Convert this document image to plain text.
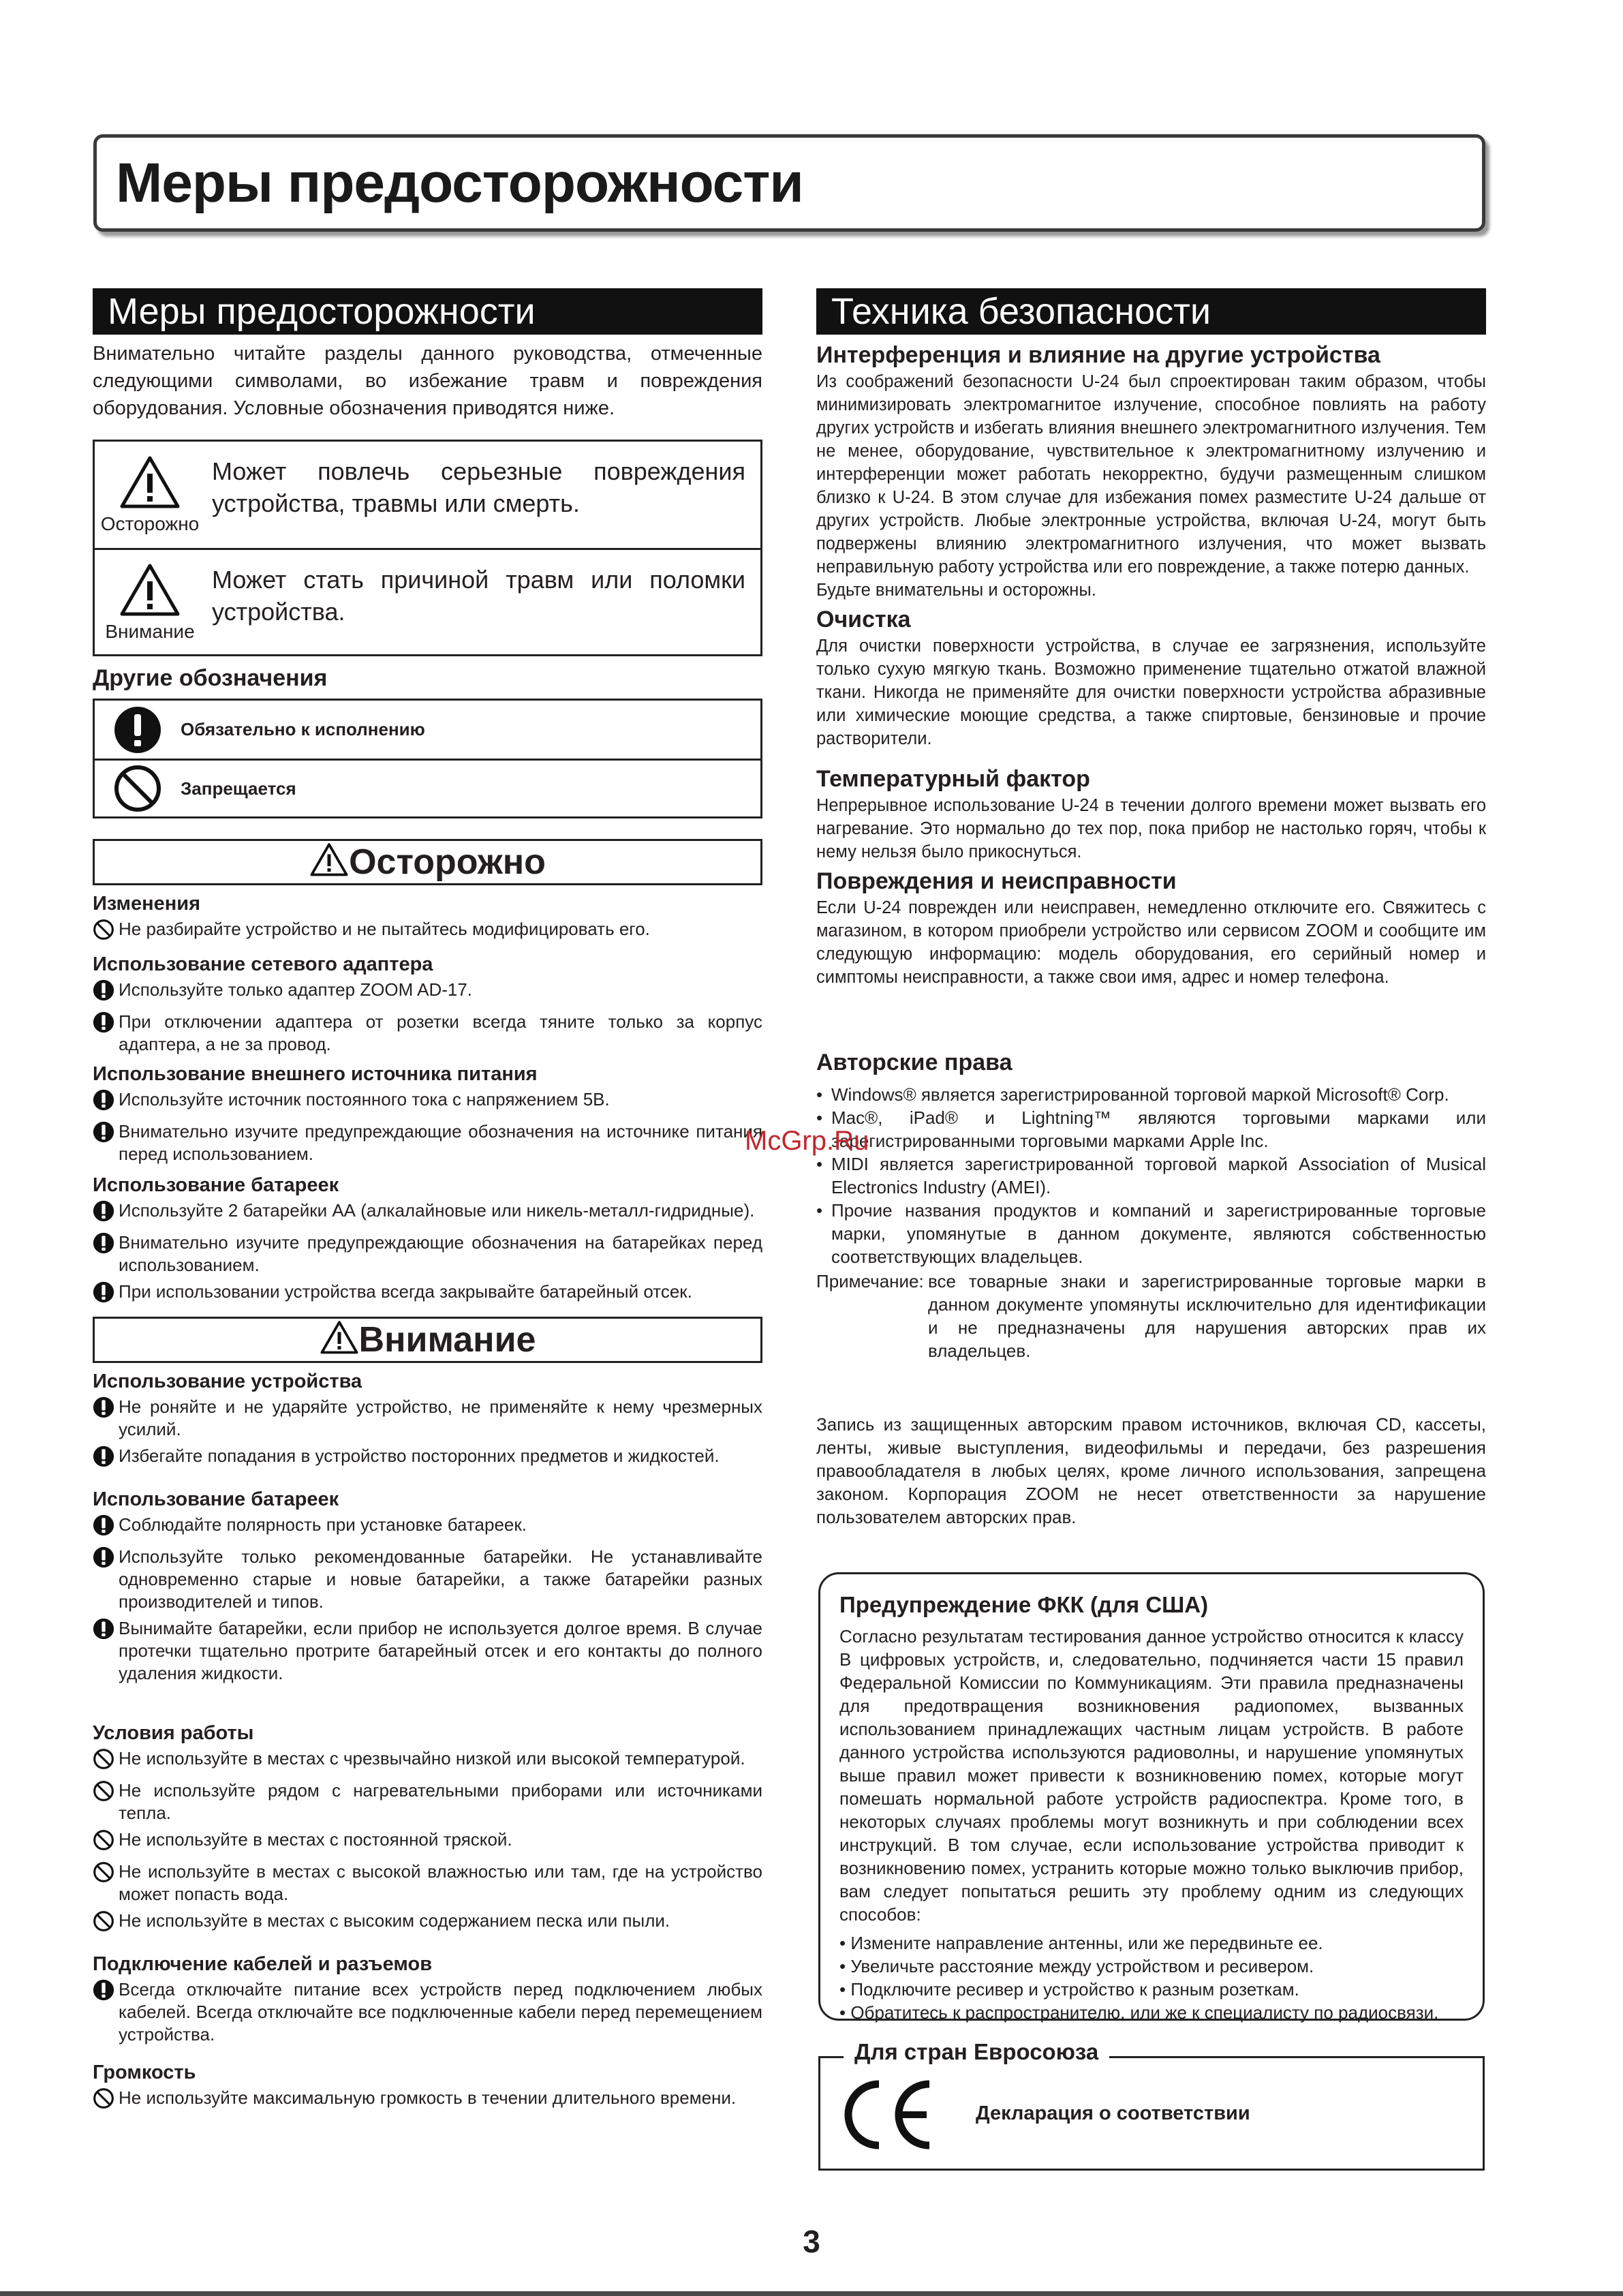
Меры предосторожности
Меры предосторожности

Внимательно читайте разделы данного руководства, отмеченные следующими символами, во избежание травм и повреждения оборудования. Условные обозначения приводятся ниже.

Осторожно
Может повлечь серьезные повреждения устройства, травмы или смерть.
Внимание
Может стать причиной травм или поломки устройства.
Другие обозначения
Обязательно к исполнению
Запрещается
Осторожно
Изменения
Не разбирайте устройство и не пытайтесь модифицировать его.
Использование сетевого адаптера
Используйте только адаптер ZOOM AD-17.
При отключении адаптера от розетки всегда тяните только за корпус адаптера, а не за провод.
Использование внешнего источника питания
Используйте источник постоянного тока с напряжением 5В.
Внимательно изучите предупреждающие обозначения на источнике питания перед использованием.
Использование батареек
Используйте 2 батарейки АА (алкалайновые или никель-металл-гидридные).
Внимательно изучите предупреждающие обозначения на батарейках перед использованием.
При использовании устройства всегда закрывайте батарейный отсек.
Внимание
Использование устройства
Не роняйте и не ударяйте устройство, не применяйте к нему чрезмерных усилий.
Избегайте попадания в устройство посторонних предметов и жидкостей.
Использование батареек
Соблюдайте полярность при установке батареек.
Используйте только рекомендованные батарейки. Не устанавливайте одновременно старые и новые батарейки, а также батарейки разных производителей и типов.
Вынимайте батарейки, если прибор не используется долгое время. В случае протечки тщательно протрите батарейный отсек и его контакты до полного удаления жидкости.
Условия работы
Не используйте в местах с чрезвычайно низкой или высокой температурой.
Не используйте рядом с нагревательными приборами или источниками тепла.
Не используйте в местах с постоянной тряской.
Не используйте в местах с высокой влажностью или там, где на устройство может попасть вода.
Не используйте в местах с высоким содержанием песка или пыли.
Подключение кабелей и разъемов
Всегда отключайте питание всех устройств перед подключением любых кабелей. Всегда отключайте все подключенные кабели перед перемещением устройства.
Громкость
Не используйте максимальную громкость в течении длительного времени.
Техника безопасности
Интерференция и влияние на другие устройства
Из соображений безопасности U-24 был спроектирован таким образом, чтобы минимизировать электромагнитое излучение, способное повлиять на работу других устройств и избегать влияния внешнего электромагнитного излучения. Тем не менее, оборудование, чувствительное к электромагнитному излучению и интерференции может работать некорректно, будучи размещенным слишком близко к U-24. В этом случае для избежания помех разместите U-24 дальше от других устройств. Любые электронные устройства, включая U-24, могут быть подвержены влиянию электромагнитного излучения, что может вызвать неправильную работу устройства или его повреждение, а также потерю данных.
Будьте внимательны и осторожны.
Очистка
Для очистки поверхности устройства, в случае ее загрязнения, используйте только сухую мягкую ткань. Возможно применение тщательно отжатой влажной ткани. Никогда не применяйте для очистки поверхности устройства абразивные или химические моющие средства, а также спиртовые, бензиновые и прочие растворители.
Температурный фактор
Непрерывное использование U-24 в течении долгого времени может вызвать его нагревание. Это нормально до тех пор, пока прибор не настолько горяч, чтобы к нему нельзя было прикоснуться.
Повреждения и неисправности
Если U-24 поврежден или неисправен, немедленно отключите его. Свяжитесь с магазином, в котором приобрели устройство или сервисом ZOOM и сообщите им следующую информацию: модель оборудования, его серийный номер и симптомы неисправности, а также свои имя, адрес и номер телефона.
Авторские права
• Windows® является зарегистрированной торговой маркой Microsoft® Corp.
• Mac®, iPad® и Lightning™ являются торговыми марками или зарегистрированными торговыми марками Apple Inc.
• MIDI является зарегистрированной торговой маркой Association of Musical Electronics Industry (AMEI).
• Прочие названия продуктов и компаний и зарегистрированные торговые марки, упомянутые в данном документе, являются собственностью соответствующих владельцев.
Примечание: все товарные знаки и зарегистрированные торговые марки в данном документе упомянуты исключительно для идентификации и не предназначены для нарушения авторских прав их владельцев.
Запись из защищенных авторским правом источников, включая CD, кассеты, ленты, живые выступления, видеофильмы и передачи, без разрешения правообладателя в любых целях, кроме личного использования, запрещена законом. Корпорация ZOOM не несет ответственности за нарушение пользователем авторских прав.
Предупреждение ФКК (для США)
Согласно результатам тестирования данное устройство относится к классу B цифровых устройств, и, следовательно, подчиняется части 15 правил Федеральной Комиссии по Коммуникациям. Эти правила предназначены для предотвращения возникновения радиопомех, вызванных использованием принадлежащих частным лицам устройств. В работе данного устройства используются радиоволны, и нарушение упомянутых выше правил может привести к возникновению помех, которые могут помешать нормальной работе устройств радиоспектра. Кроме того, в некоторых случаях проблемы могут возникнуть и при соблюдении всех инструкций. В том случае, если использование устройства приводит к возникновению помех, устранить которые можно только выключив прибор, вам следует попытаться решить эту проблему одним из следующих способов:
• Измените направление антенны, или же передвиньте ее.
• Увеличьте расстояние между устройством и ресивером.
• Подключите ресивер и устройство к разным розеткам.
• Обратитесь к распространителю, или же к специалисту по радиосвязи.
Для стран Евросоюза
Декларация о соответствии
McGrp.Ru
3
